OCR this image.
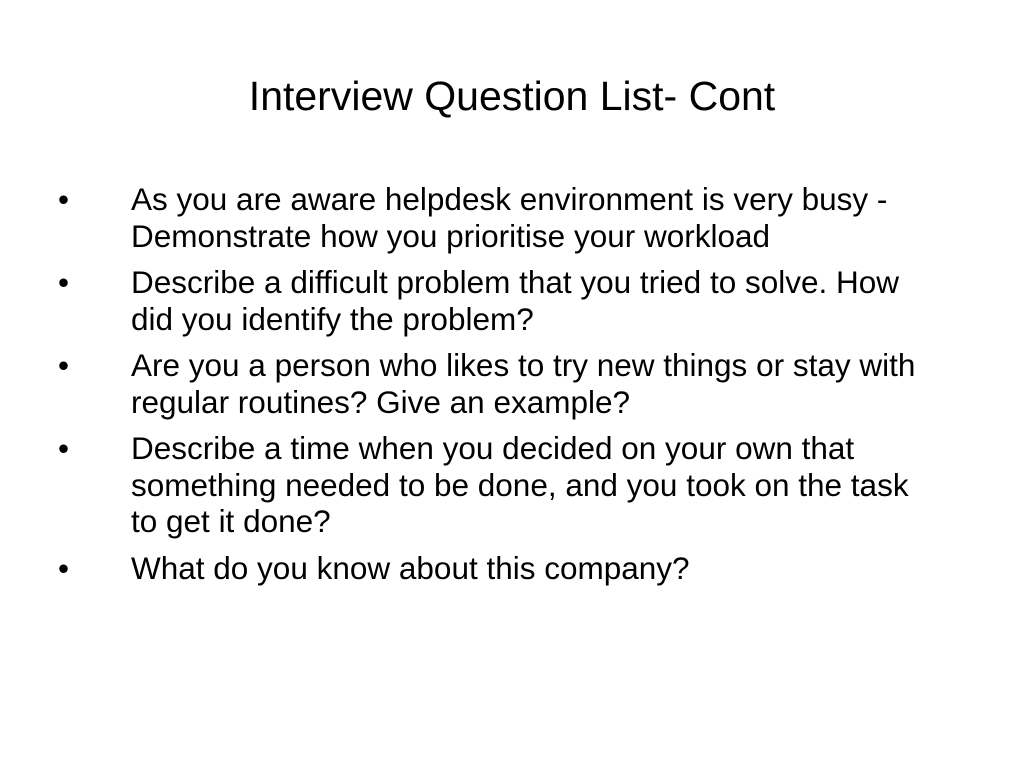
Interview Question List- Cont
•	As you are aware helpdesk environment is very busy - Demonstrate how you prioritise your workload
•	Describe a difficult problem that you tried to solve. How did you identify the problem?
•	Are you a person who likes to try new things or stay with regular routines? Give an example?
•	Describe a time when you decided on your own that something needed to be done, and you took on the task to get it done?
•	What do you know about this company?
